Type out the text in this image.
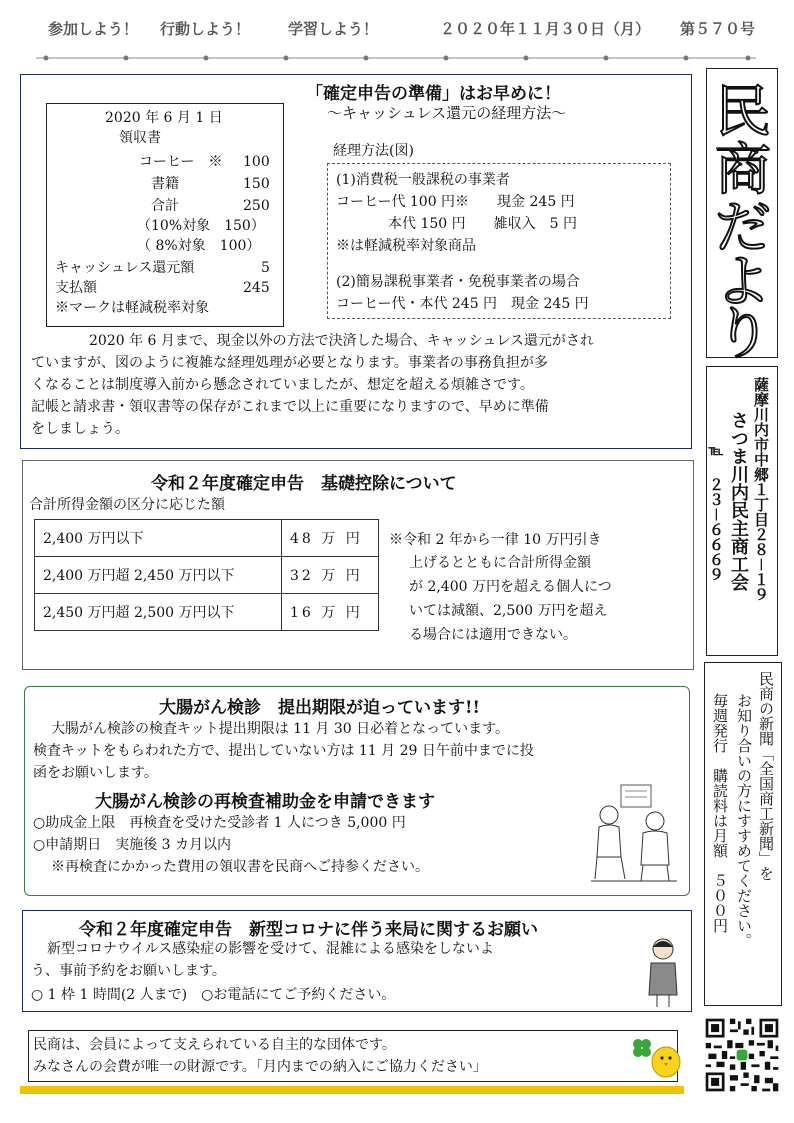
参加しよう！ 行動しよう！	学習しよう！	２０２０年１１月３０日（月） 第５７０号
「確定申告の準備」はお早めに！
～キャッシュレス還元の経理方法～
2020 年 6 月 1 日
領収書
コーヒー　※ 100
書籍	150
合計	250
（10%対象　150）
（ 8%対象　100）
キャッシュレス還元額	5
支払額	245
※マークは軽減税率対象
経理方法(図)
(1)消費税一般課税の事業者
コーヒー代 100 円※　　現金 245 円
本代 150 円　　雑収入　5 円
※は軽減税率対象商品
(2)簡易課税事業者・免税事業者の場合
コーヒー代・本代 245 円　現金 245 円
2020 年 6 月まで、現金以外の方法で決済した場合、キャッシュレス還元がされ
ていますが、図のように複雑な経理処理が必要となります。事業者の事務負担が多
くなることは制度導入前から懸念されていましたが、想定を超える煩雑さです。
記帳と請求書・領収書等の保存がこれまで以上に重要になりますので、早めに準備
をしましょう。
令和２年度確定申告　基礎控除について
合計所得金額の区分に応じた額
※令和 2 年から一律 10 万円引き
上げるとともに合計所得金額
が 2,400 万円を超える個人につ
いては減額、2,500 万円を超え
る場合には適用できない。
2,400 万円以下	48 万 円
2,400 万円超 2,450 万円以下	32 万 円
2,450 万円超 2,500 万円以下	16 万 円
大腸がん検診　提出期限が迫っています!!
大腸がん検診の検査キット提出期限は 11 月 30 日必着となっています。
検査キットをもらわれた方で、提出していない方は 11 月 29 日午前中までに投
函をお願いします。
大腸がん検診の再検査補助金を申請できます
○助成金上限　再検査を受けた受診者 1 人につき 5,000 円
○申請期日　実施後 3 カ月以内
※再検査にかかった費用の領収書を民商へご持参ください。
令和２年度確定申告　新型コロナに伴う来局に関するお願い
新型コロナウイルス感染症の影響を受けて、混雑による感染をしないよ
う、事前予約をお願いします。
○ 1 枠 1 時間(2 人まで)　○お電話にてご予約ください。
民商は、会員によって支えられている自主的な団体です。
みなさんの会費が唯一の財源です。「月内までの納入にご協力ください」
民
商
だ
よ
り
薩摩川内市中郷１丁目２８－１９
さつま川内民主商工会
℡
２３－６６６９
民商の新聞「全国商工新聞」を
お知り合いの方にすすめてください。
毎週発行　購読料は月額　５００円
